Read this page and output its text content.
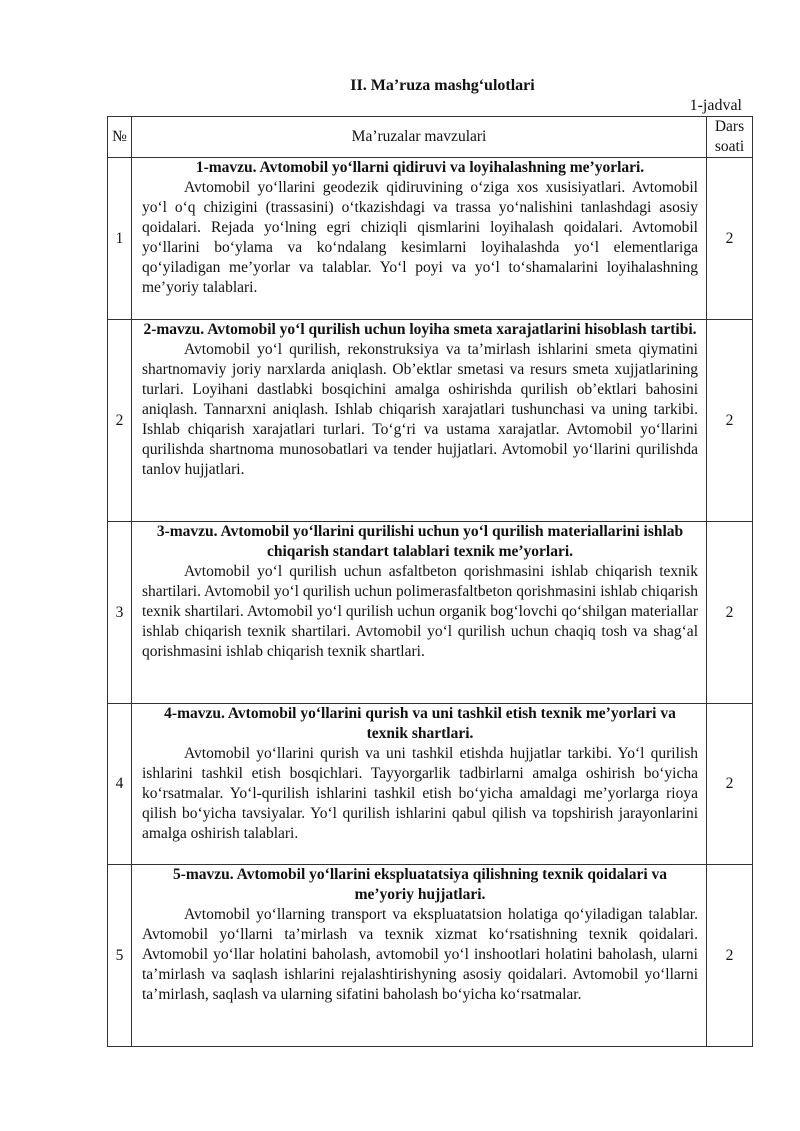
II. Ma’ruza mashg‘ulotlari
1-jadval
№	Ma’ruzalar mavzulari	Dars soati
1	1-mavzu. Avtomobil yo‘llarni qidiruvi va loyihalashning me’yorlari.
Avtomobil yo‘llarini geodezik qidiruvining o‘ziga xos xusisiyatlari. Avtomobil yo‘l o‘q chizigini (trassasini) o‘tkazishdagi va trassa yo‘nalishini tanlashdagi asosiy qoidalari. Rejada yo‘lning egri chiziqli qismlarini loyihalash qoidalari. Avtomobil yo‘llarini bo‘ylama va ko‘ndalang kesimlarni loyihalashda yo‘l elementlariga qo‘yiladigan me’yorlar va talablar. Yo‘l poyi va yo‘l to‘shamalarini loyihalashning me’yoriy talablari.	2
2	2-mavzu. Avtomobil yo‘l qurilish uchun loyiha smeta xarajatlarini hisoblash tartibi.
Avtomobil yo‘l qurilish, rekonstruksiya va ta’mirlash ishlarini smeta qiymatini shartnomaviy joriy narxlarda aniqlash. Ob’ektlar smetasi va resurs smeta xujjatlarining turlari. Loyihani dastlabki bosqichini amalga oshirishda qurilish ob’ektlari bahosini aniqlash. Tannarxni aniqlash. Ishlab chiqarish xarajatlari tushunchasi va uning tarkibi. Ishlab chiqarish xarajatlari turlari. To‘g‘ri va ustama xarajatlar. Avtomobil yo‘llarini qurilishda shartnoma munosobatlari va tender hujjatlari. Avtomobil yo‘llarini qurilishda tanlov hujjatlari.	2
3	3-mavzu. Avtomobil yo‘llarini qurilishi uchun yo‘l qurilish materiallarini ishlab chiqarish standart talablari texnik me’yorlari.
Avtomobil yo‘l qurilish uchun asfaltbeton qorishmasini ishlab chiqarish texnik shartilari. Avtomobil yo‘l qurilish uchun polimerasfaltbeton qorishmasini ishlab chiqarish texnik shartilari. Avtomobil yo‘l qurilish uchun organik bog‘lovchi qo‘shilgan materiallar ishlab chiqarish texnik shartilari. Avtomobil yo‘l qurilish uchun chaqiq tosh va shag‘al qorishmasini ishlab chiqarish texnik shartlari.	2
4	4-mavzu. Avtomobil yo‘llarini qurish va uni tashkil etish texnik me’yorlari va texnik shartlari.
Avtomobil yo‘llarini qurish va uni tashkil etishda hujjatlar tarkibi. Yo‘l qurilish ishlarini tashkil etish bosqichlari. Tayyorgarlik tadbirlarni amalga oshirish bo‘yicha ko‘rsatmalar. Yo‘l-qurilish ishlarini tashkil etish bo‘yicha amaldagi me’yorlarga rioya qilish bo‘yicha tavsiyalar. Yo‘l qurilish ishlarini qabul qilish va topshirish jarayonlarini amalga oshirish talablari.	2
5	5-mavzu. Avtomobil yo‘llarini ekspluatatsiya qilishning texnik qoidalari va me’yoriy hujjatlari.
Avtomobil yo‘llarning transport va ekspluatatsion holatiga qo‘yiladigan talablar. Avtomobil yo‘llarni ta’mirlash va texnik xizmat ko‘rsatishning texnik qoidalari. Avtomobil yo‘llar holatini baholash, avtomobil yo‘l inshootlari holatini baholash, ularni ta’mirlash va saqlash ishlarini rejalashtirishyning asosiy qoidalari. Avtomobil yo‘llarni ta’mirlash, saqlash va ularning sifatini baholash bo‘yicha ko‘rsatmalar.	2
